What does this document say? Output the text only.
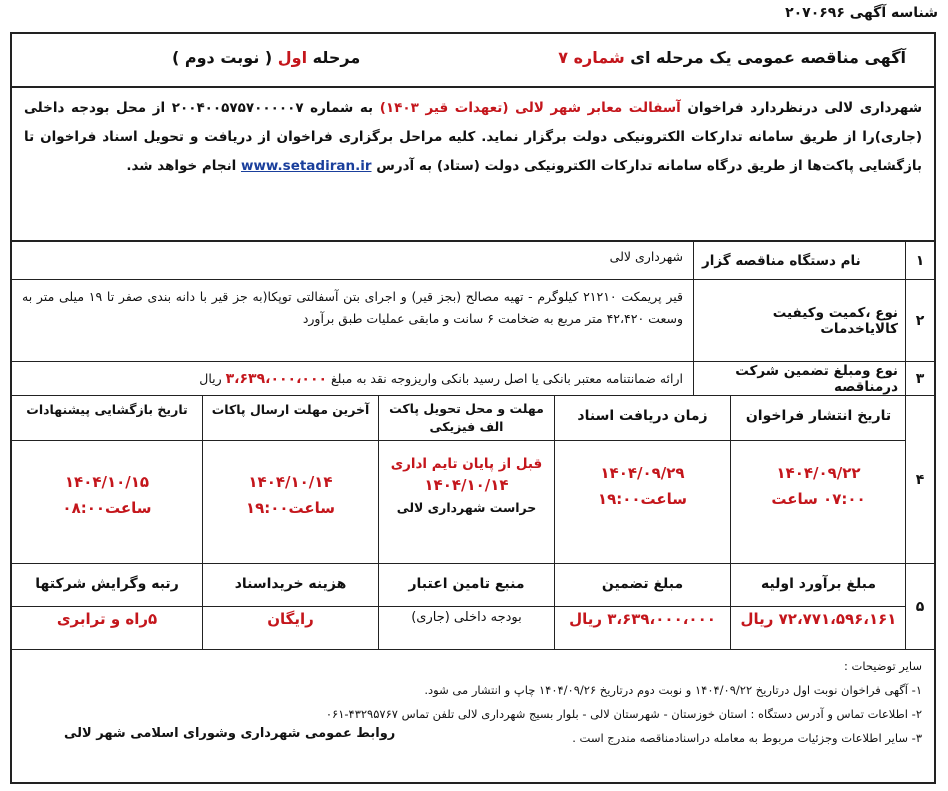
شناسه آگهی ۲۰۷۰۶۹۶
آگهی مناقصه عمومی یک مرحله ای شماره ۷
مرحله اول ( نوبت دوم )
شهرداری لالی درنظردارد فراخوان آسفالت معابر شهر لالی (تعهدات قیر ۱۴۰۳) به شماره ۲۰۰۴۰۰۵۷۵۷۰۰۰۰۰۷ از محل بودجه داخلی (جاری)را از طریق سامانه تدارکات الکترونیکی دولت برگزار نماید. کلیه مراحل برگزاری فراخوان از دریافت و تحویل اسناد فراخوان تا بازگشایی پاکت‌ها از طریق درگاه سامانه تدارکات الکترونیکی دولت (ستاد) به آدرس www.setadiran.ir انجام خواهد شد.
۱
نام دستگاه مناقصه گزار
شهرداری لالی
۲
نوع ،کمیت وکیفیت کالاياخدمات
قیر پریمکت ۲۱۲۱۰ کیلوگرم - تهیه مصالح (بجز قیر) و اجرای بتن آسفالتی توپکا(به جز قیر با دانه بندی صفر تا ۱۹ میلی متر به وسعت ۴۲،۴۲۰ متر مربع به ضخامت ۶ سانت و مابقی عملیات طبق برآورد
۳
نوع ومبلغ تضمین شرکت درمناقصه
ارائه ضمانتنامه معتبر بانکی یا اصل رسید بانکی واریزوجه نقد به مبلغ ۳،۶۳۹،۰۰۰،۰۰۰ ریال
۴
تاریخ انتشار فراخوان
۱۴۰۴/۰۹/۲۲
۰۷:۰۰ ساعت
زمان دریافت اسناد
۱۴۰۴/۰۹/۲۹
ساعت۱۹:۰۰
مهلت و محل تحویل پاکت الف فیزیکی
قبل از پایان تایم اداری
۱۴۰۴/۱۰/۱۴
حراست شهرداری لالی
آخرین مهلت ارسال پاکات
۱۴۰۴/۱۰/۱۴
ساعت۱۹:۰۰
تاریخ بازگشایی پیشنهادات
۱۴۰۴/۱۰/۱۵
ساعت۰۸:۰۰
۵
مبلغ برآورد اولیه
۷۲،۷۷۱،۵۹۶،۱۶۱ ریال
مبلغ تضمین
۳،۶۳۹،۰۰۰،۰۰۰ ریال
منبع تامین اعتبار
بودجه داخلی (جاری)
هزینه خریداسناد
رایگان
رتبه وگرایش شرکتها
۵راه و ترابری
سایر توضیحات :
۱- آگهی فراخوان نوبت اول درتاریخ ۱۴۰۴/۰۹/۲۲ و نوبت دوم درتاریخ ۱۴۰۴/۰۹/۲۶ چاپ و انتشار می شود.
۲- اطلاعات تماس و آدرس دستگاه : استان خوزستان - شهرستان لالی - بلوار بسیج شهرداری لالی تلفن تماس ۴۳۲۹۵۷۶۷-۰۶۱
۳- سایر اطلاعات وجزئیات مربوط به معامله دراسنادمناقصه مندرج است .
روابط عمومی شهرداری وشورای اسلامی شهر لالی
